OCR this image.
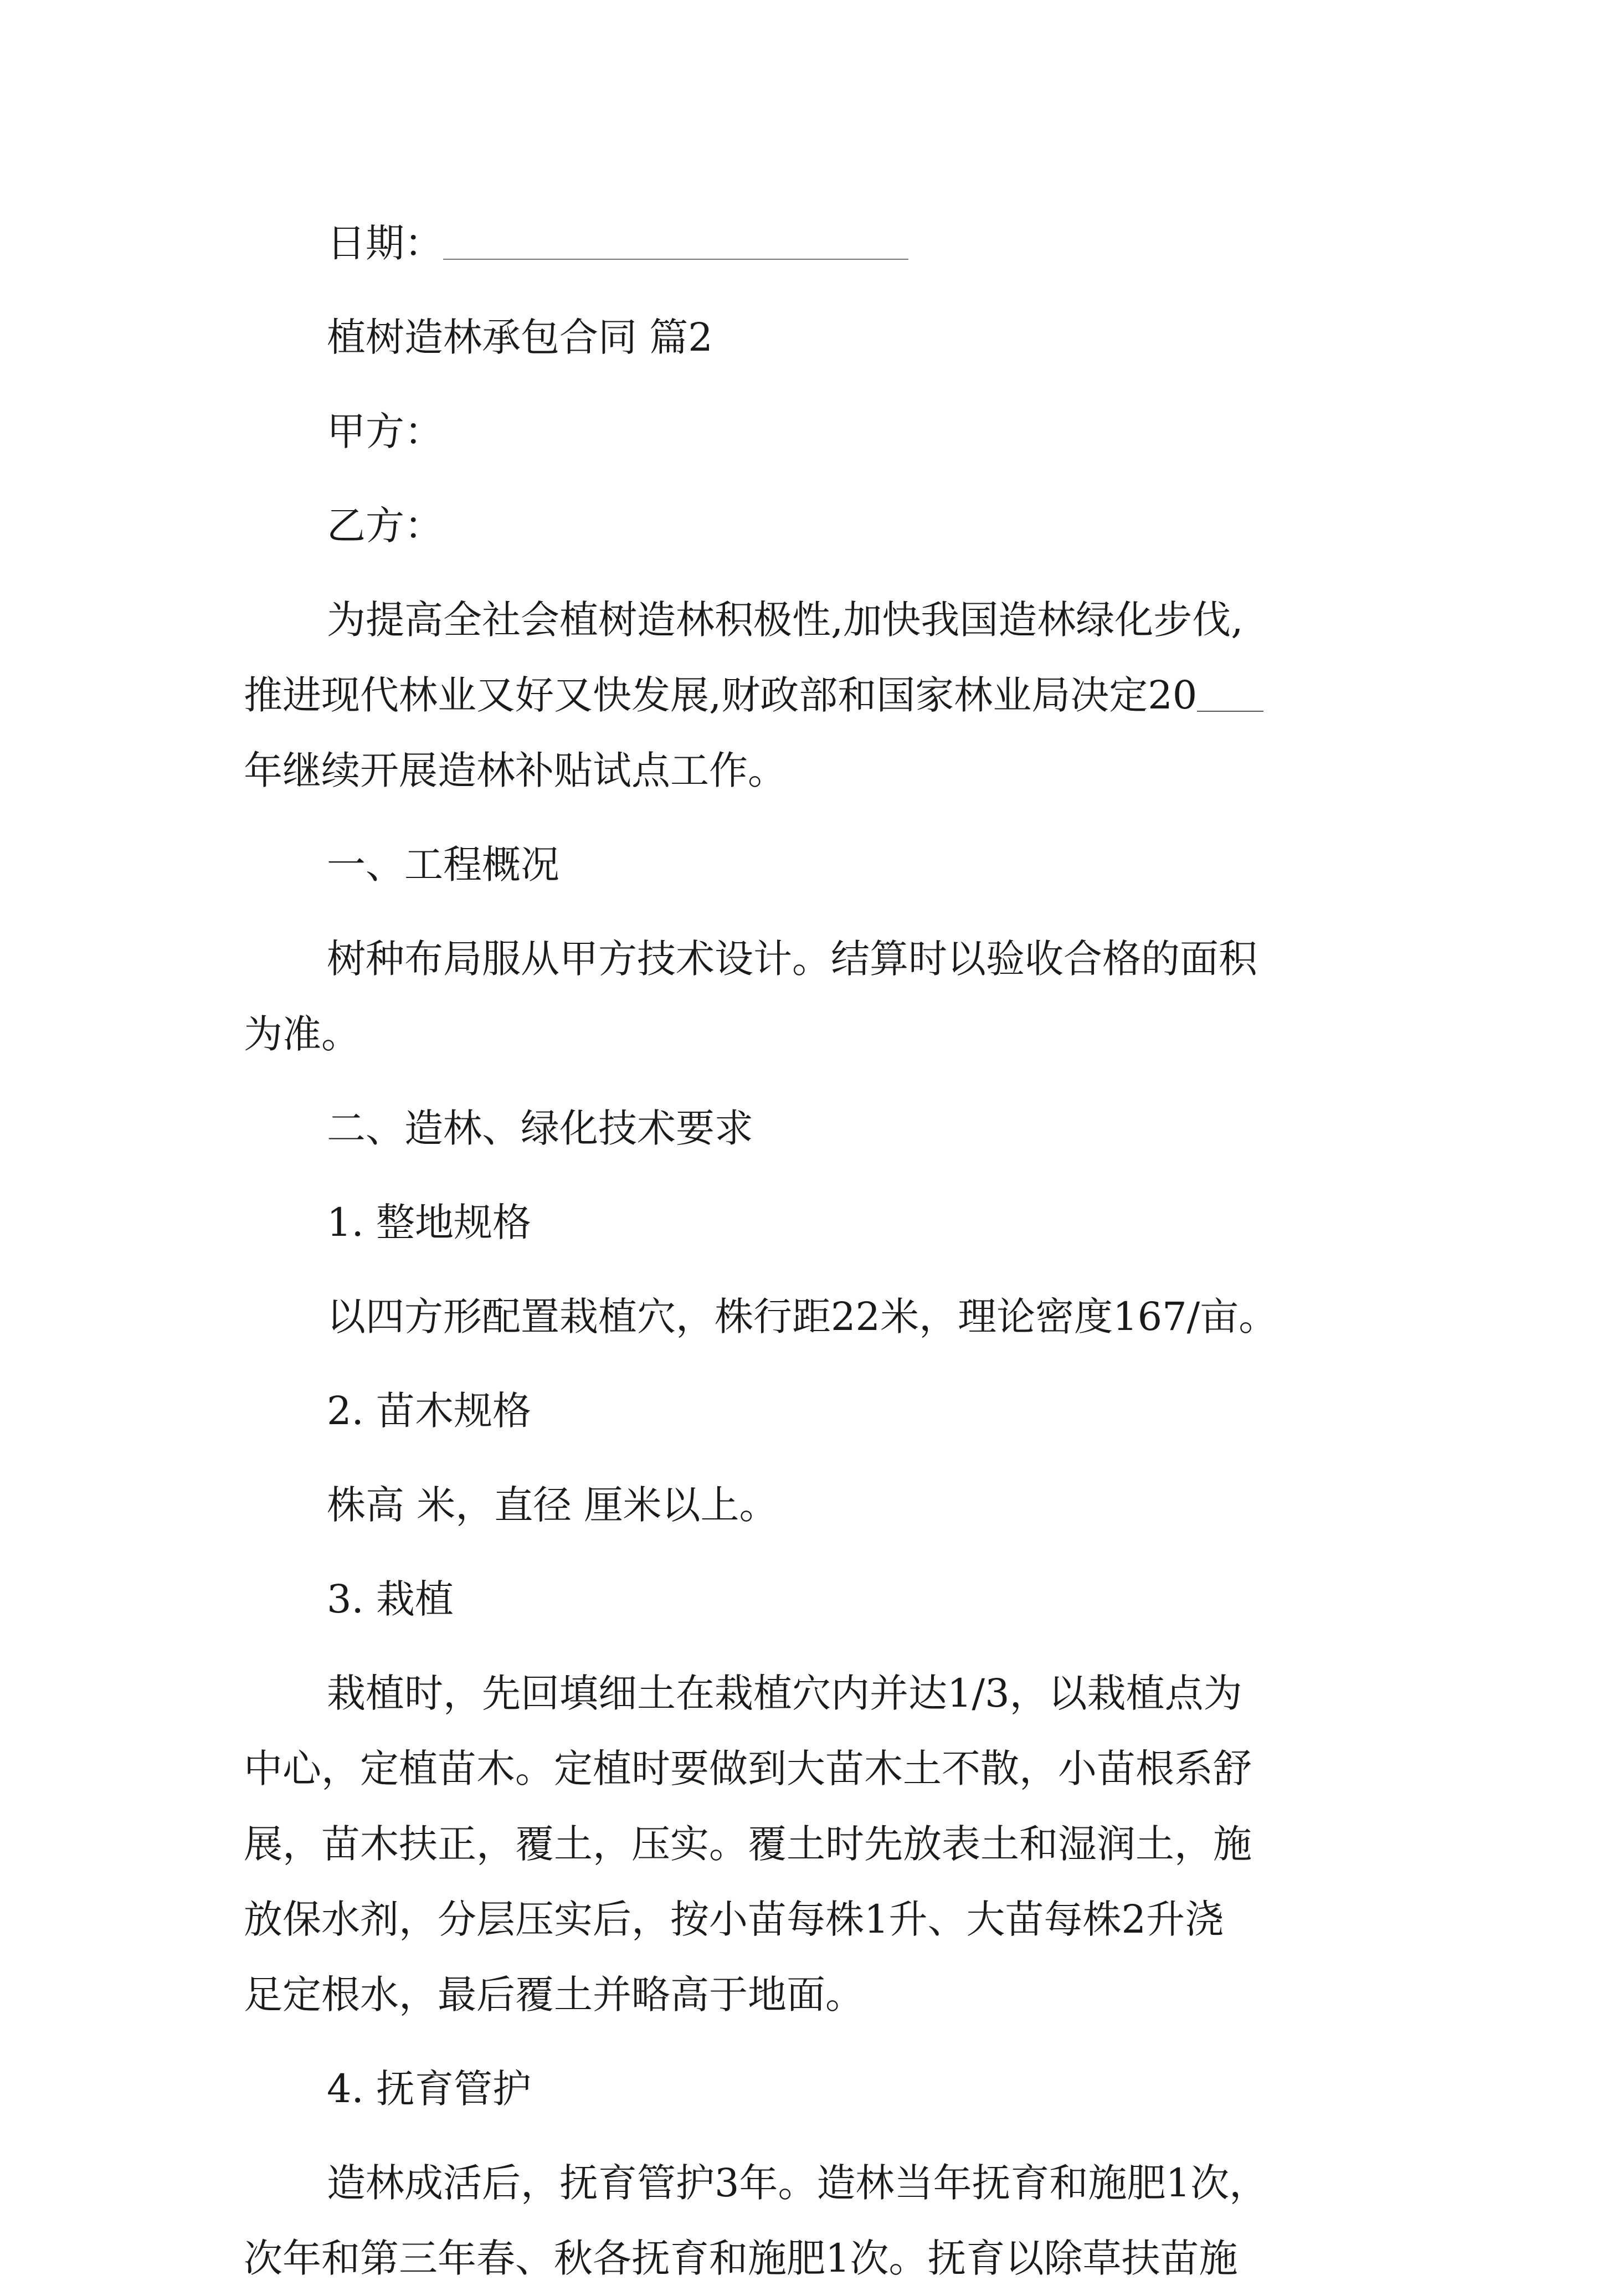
日期：
植树造林承包合同 篇2
甲方：
乙方：
为提高全社会植树造林积极性,加快我国造林绿化步伐,
推进现代林业又好又快发展,财政部和国家林业局决定20
年继续开展造林补贴试点工作。
一、工程概况
树种布局服从甲方技术设计。结算时以验收合格的面积
为准。
二、造林、绿化技术要求
1. 整地规格
以四方形配置栽植穴，株行距22米，理论密度167/亩。
2. 苗木规格
株高 米，直径 厘米以上。
3. 栽植
栽植时，先回填细土在栽植穴内并达1/3，以栽植点为
中心，定植苗木。定植时要做到大苗木土不散，小苗根系舒
展，苗木扶正，覆土，压实。覆土时先放表土和湿润土，施
放保水剂，分层压实后，按小苗每株1升、大苗每株2升浇
足定根水，最后覆土并略高于地面。
4. 抚育管护
造林成活后，抚育管护3年。造林当年抚育和施肥1次，
次年和第三年春、秋各抚育和施肥1次。抚育以除草扶苗施
